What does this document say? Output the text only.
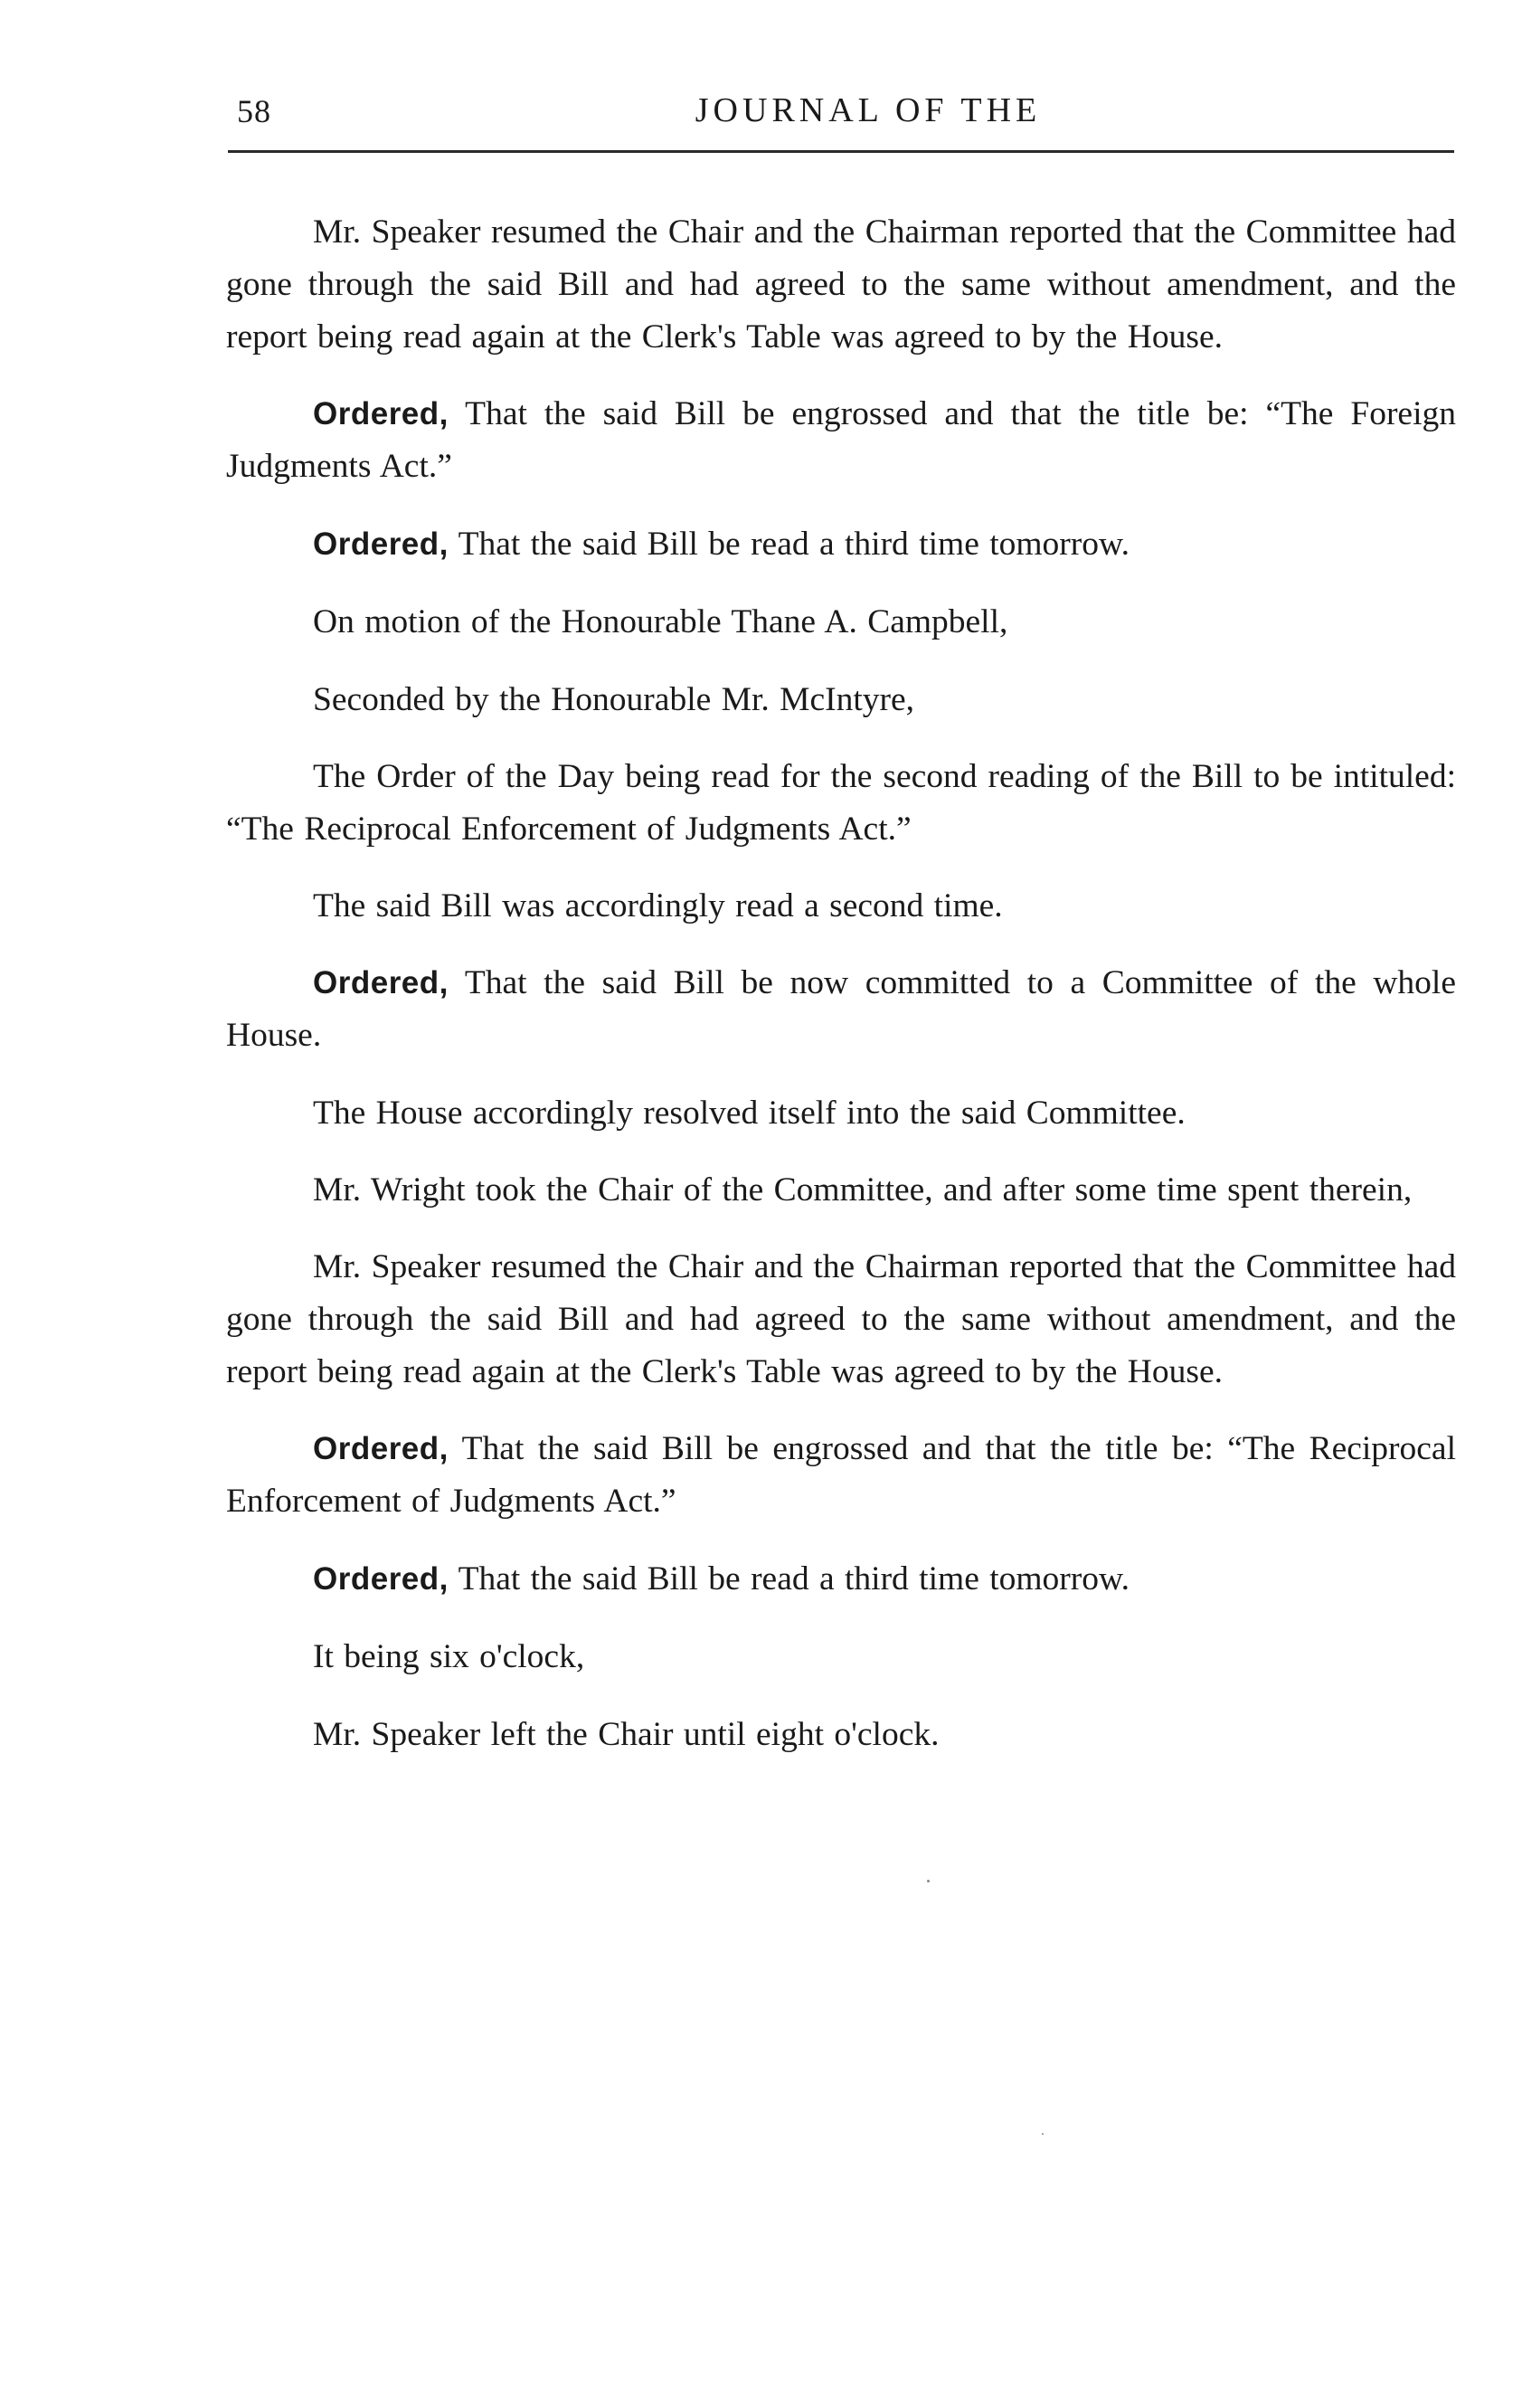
58	JOURNAL OF THE

Mr. Speaker resumed the Chair and the Chairman reported that the Committee had gone through the said Bill and had agreed to the same without amendment, and the report being read again at the Clerk's Table was agreed to by the House.

Ordered, That the said Bill be engrossed and that the title be: “The Foreign Judgments Act.”

Ordered, That the said Bill be read a third time tomorrow.

On motion of the Honourable Thane A. Campbell,

Seconded by the Honourable Mr. McIntyre,

The Order of the Day being read for the second reading of the Bill to be intituled: “The Reciprocal Enforcement of Judgments Act.”

The said Bill was accordingly read a second time.

Ordered, That the said Bill be now committed to a Committee of the whole House.

The House accordingly resolved itself into the said Committee.

Mr. Wright took the Chair of the Committee, and after some time spent therein,

Mr. Speaker resumed the Chair and the Chairman reported that the Committee had gone through the said Bill and had agreed to the same without amendment, and the report being read again at the Clerk's Table was agreed to by the House.

Ordered, That the said Bill be engrossed and that the title be: “The Reciprocal Enforcement of Judgments Act.”

Ordered, That the said Bill be read a third time tomorrow.

It being six o'clock,

Mr. Speaker left the Chair until eight o'clock.
